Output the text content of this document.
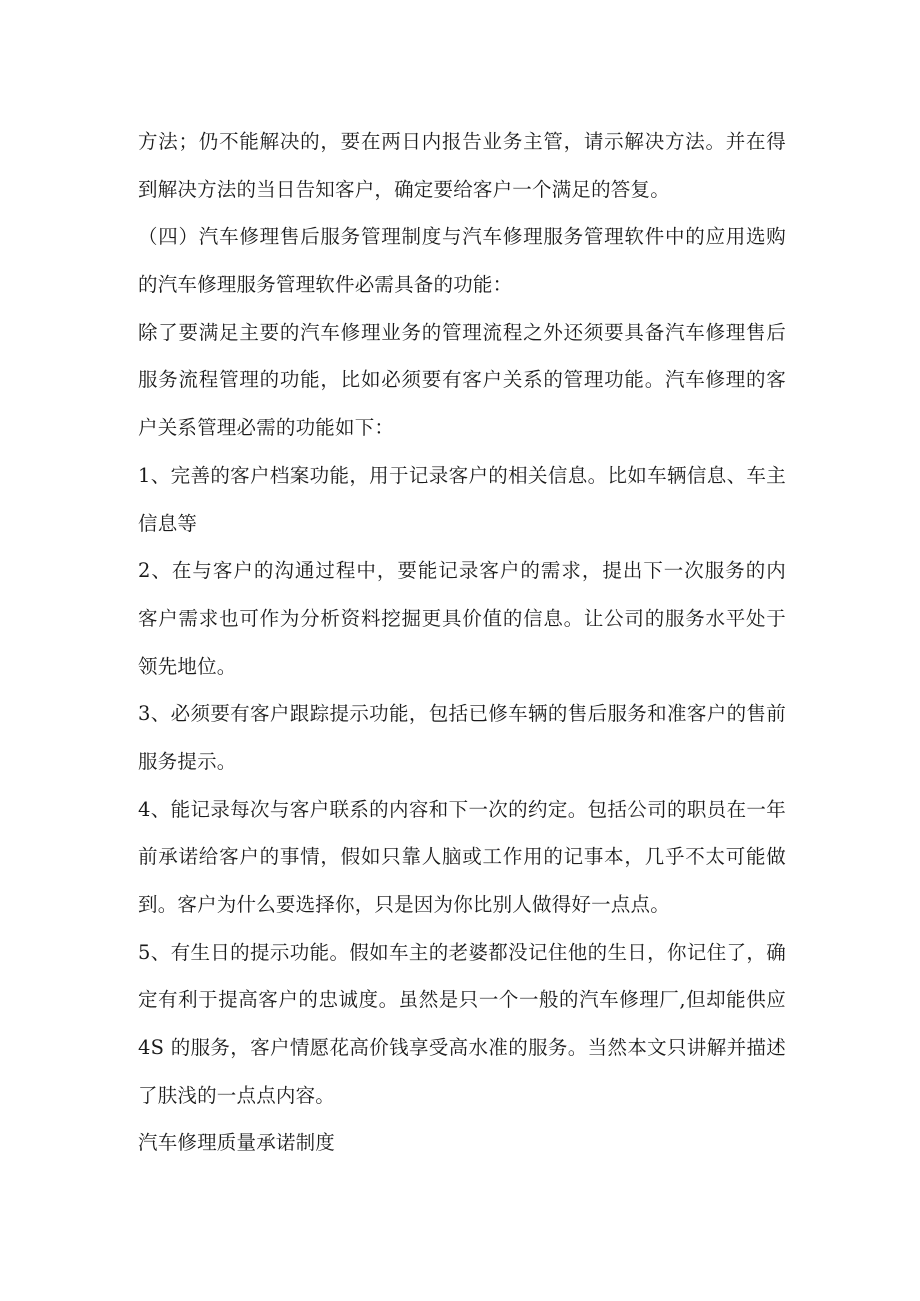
方法；仍不能解决的，要在两日内报告业务主管，请示解决方法。并在得
到解决方法的当日告知客户，确定要给客户一个满足的答复。
（四）汽车修理售后服务管理制度与汽车修理服务管理软件中的应用选购
的汽车修理服务管理软件必需具备的功能：
除了要满足主要的汽车修理业务的管理流程之外还须要具备汽车修理售后
服务流程管理的功能，比如必须要有客户关系的管理功能。汽车修理的客
户关系管理必需的功能如下：
1、完善的客户档案功能，用于记录客户的相关信息。比如车辆信息、车主
信息等
2、在与客户的沟通过程中，要能记录客户的需求，提出下一次服务的内
客户需求也可作为分析资料挖掘更具价值的信息。让公司的服务水平处于
领先地位。
3、必须要有客户跟踪提示功能，包括已修车辆的售后服务和准客户的售前
服务提示。
4、能记录每次与客户联系的内容和下一次的约定。包括公司的职员在一年
前承诺给客户的事情，假如只靠人脑或工作用的记事本，几乎不太可能做
到。客户为什么要选择你，只是因为你比别人做得好一点点。
5、有生日的提示功能。假如车主的老婆都没记住他的生日，你记住了，确
定有利于提高客户的忠诚度。虽然是只一个一般的汽车修理厂,但却能供应
4S 的服务，客户情愿花高价钱享受高水准的服务。当然本文只讲解并描述
了肤浅的一点点内容。
汽车修理质量承诺制度
